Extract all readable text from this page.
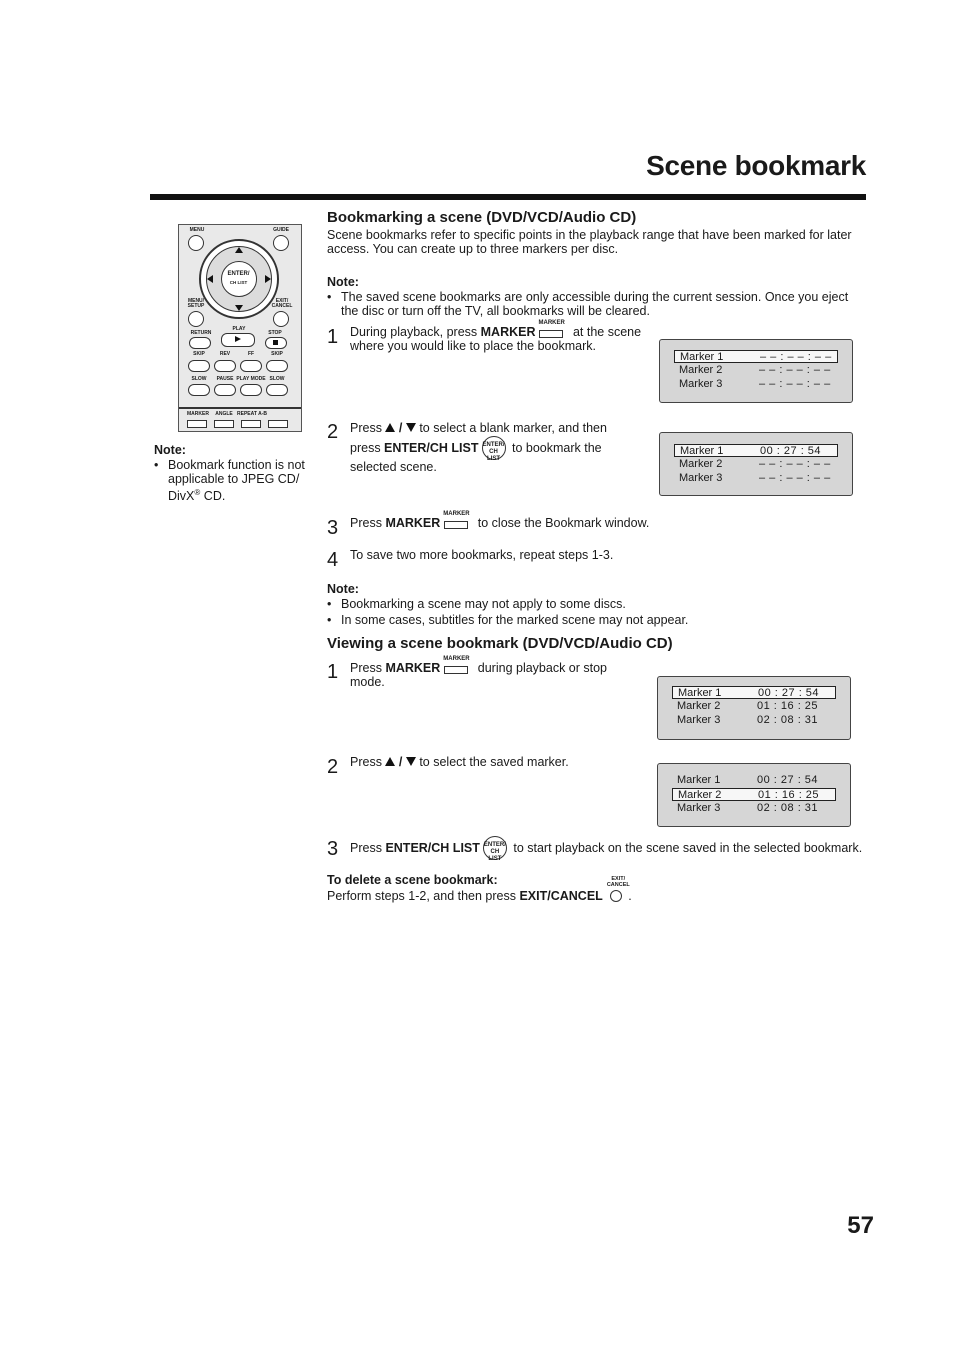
Scene bookmark
MENU	GUIDE
ENTER/
CH LIST
MENU/ SETUP
EXIT/ CANCEL
RETURN
PLAY
STOP
SKIP	REV	FF	SKIP
SLOW	PAUSE PLAY MODE SLOW
MARKER	ANGLE REPEAT A-B
Note:
• Bookmark function is not applicable to JPEG CD/ DivX® CD.
Bookmarking a scene (DVD/VCD/Audio CD)
Scene bookmarks refer to specific points in the playback range that have been marked for later access. You can create up to three markers per disc.
Note:
• The saved scene bookmarks are only accessible during the current session. Once you eject the disc or turn off the TV, all bookmarks will be cleared.
1 During playback, press MARKER
MARKER
at the scene where you would like to place the bookmark.
Marker 1	– – : – – : – –
Marker 2	– – : – – : – –
Marker 3	– – : – – : – –
2 Press  /  to select a blank marker, and then press ENTER/CH LIST ENTER/ CH LIST to bookmark the selected scene.
Marker 1	00 : 27 : 54
Marker 2	– – : – – : – –
Marker 3	– – : – – : – –
3 Press MARKER
MARKER
to close the Bookmark window.
4 To save two more bookmarks, repeat steps 1-3.
Note:
• Bookmarking a scene may not apply to some discs.
• In some cases, subtitles for the marked scene may not appear.
Viewing a scene bookmark (DVD/VCD/Audio CD)
1 Press MARKER
MARKER
during playback or stop mode.
Marker 1	00 : 27 : 54
Marker 2	01 : 16 : 25
Marker 3	02 : 08 : 31
2 Press  /  to select the saved marker.
Marker 1	00 : 27 : 54
Marker 2	01 : 16 : 25
Marker 3	02 : 08 : 31
3 Press ENTER/CH LIST ENTER/ CH LIST to start playback on the scene saved in the selected bookmark.
To delete a scene bookmark:
Perform steps 1-2, and then press EXIT/CANCEL
EXIT/ CANCEL
.
57
